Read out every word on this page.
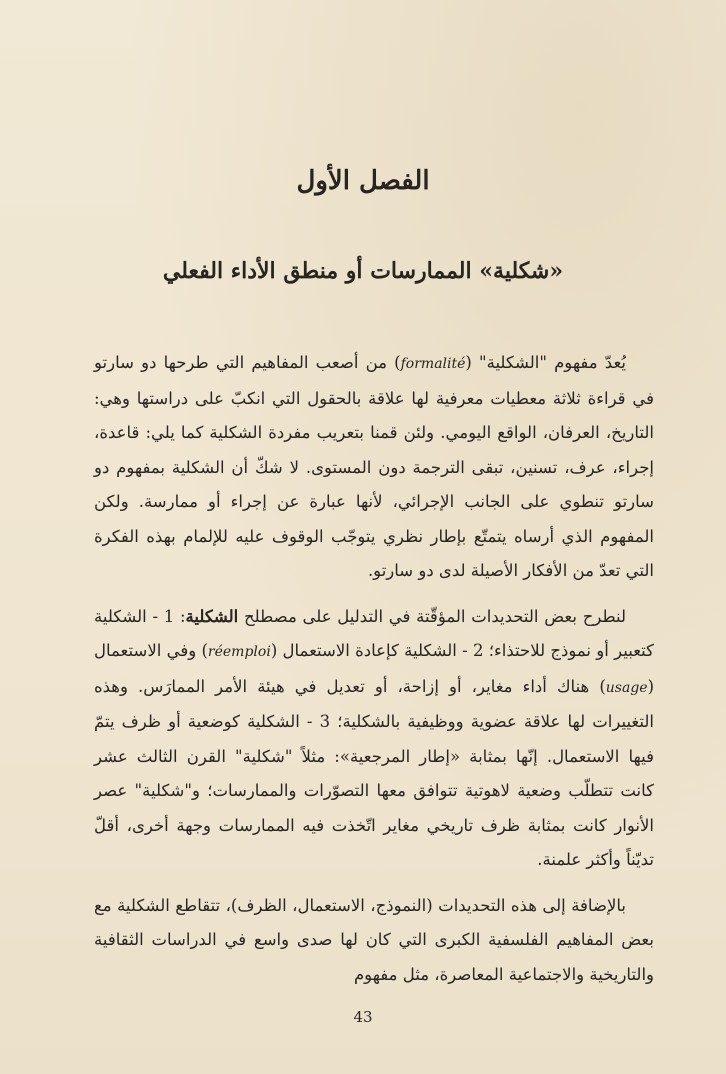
الفصل الأول
«شكلية» الممارسات أو منطق الأداء الفعلي

يُعدّ مفهوم "الشكلية" (formalité) من أصعب المفاهيم التي طرحها دو سارتو في قراءة ثلاثة معطيات معرفية لها علاقة بالحقول التي انكبّ على دراستها وهي: التاريخ، العرفان، الواقع اليومي. ولئن قمنا بتعريب مفردة الشكلية كما يلي: قاعدة، إجراء، عرف، تسنين، تبقى الترجمة دون المستوى. لا شكّ أن الشكلية بمفهوم دو سارتو تنطوي على الجانب الإجرائي، لأنها عبارة عن إجراء أو ممارسة. ولكن المفهوم الذي أرساه يتمتّع بإطار نظري يتوجّب الوقوف عليه للإلمام بهذه الفكرة التي تعدّ من الأفكار الأصيلة لدى دو سارتو.

لنطرح بعض التحديدات المؤقّتة في التدليل على مصطلح الشكلية: 1 - الشكلية كتعبير أو نموذج للاحتذاء؛ 2 - الشكلية كإعادة الاستعمال (réemploi) وفي الاستعمال (usage) هناك أداء مغاير، أو إزاحة، أو تعديل في هيئة الأمر الممارَس. وهذه التغييرات لها علاقة عضوية ووظيفية بالشكلية؛ 3 - الشكلية كوضعية أو ظرف يتمّ فيها الاستعمال. إنّها بمثابة «إطار المرجعية»: مثلاً "شكلية" القرن الثالث عشر كانت تتطلّب وضعية لاهوتية تتوافق معها التصوّرات والممارسات؛ و"شكلية" عصر الأنوار كانت بمثابة ظرف تاريخي مغاير اتّخذت فيه الممارسات وجهة أخرى، أقلّ تديّناً وأكثر علمنة.

بالإضافة إلى هذه التحديدات (النموذج، الاستعمال، الظرف)، تتقاطع الشكلية مع بعض المفاهيم الفلسفية الكبرى التي كان لها صدى واسع في الدراسات الثقافية والتاريخية والاجتماعية المعاصرة، مثل مفهوم

43
